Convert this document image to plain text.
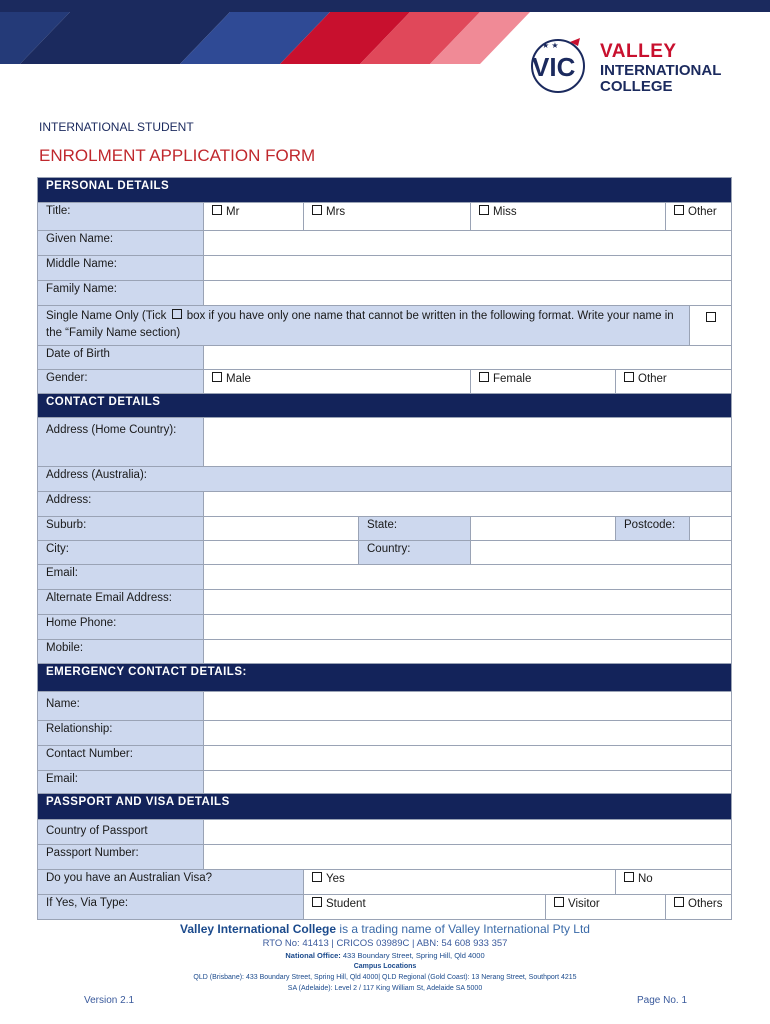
VIC
★ ★ VALLEY
INTERNATIONAL
COLLEGE
INTERNATIONAL STUDENT
ENROLMENT APPLICATION FORM
PERSONAL DETAILS								
Title:	Mr	Mrs		Miss			Other	
Given Name:								
Middle Name:								
Family Name:								
Single Name Only (Tick box if you have only one name that cannot be written in the following format. Write your name in the “Family Name section)								
Date of Birth								
Gender:	Male			Female		Other		
CONTACT DETAILS								
Address (Home Country):								
Address (Australia):								
Address:								
Suburb:			State:			Postcode:		
City:			Country:					
Email:								
Alternate Email Address:								
Home Phone:								
Mobile:								
EMERGENCY CONTACT DETAILS:								
Name:								
Relationship:								
Contact Number:								
Email:								
PASSPORT AND VISA DETAILS								
Country of Passport								
Passport Number:								
Do you have an Australian Visa?		Yes				No		
If Yes, Via Type:		Student			Visitor		Others	
Valley International College is a trading name of Valley International Pty Ltd
RTO No: 41413 | CRICOS 03989C | ABN: 54 608 933 357
National Office: 433 Boundary Street, Spring Hill, Qld 4000
Campus Locations
QLD (Brisbane): 433 Boundary Street, Spring Hill, Qld 4000| QLD Regional (Gold Coast): 13 Nerang Street, Southport 4215
SA (Adelaide): Level 2 / 117 King William St, Adelaide SA 5000
Version 2.1	Page No. 1
